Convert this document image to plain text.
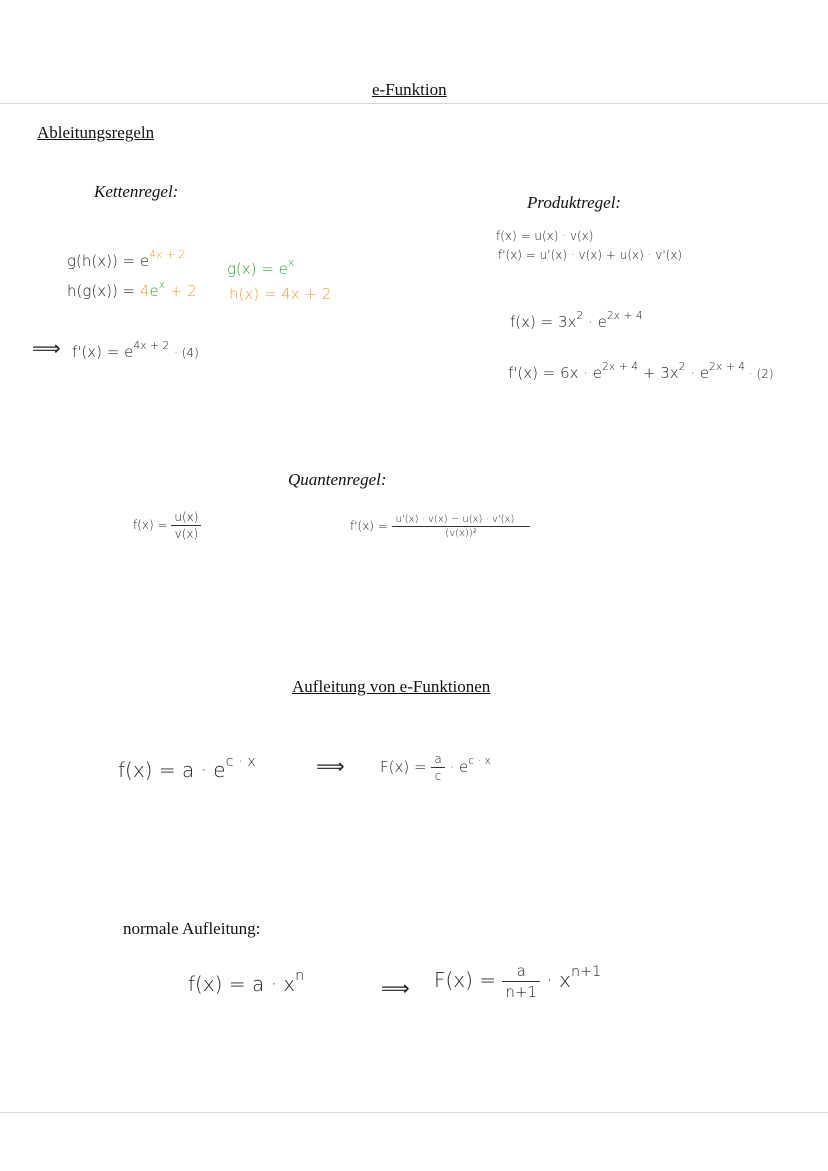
e-Funktion
Ableitungsregeln
Kettenregel:
$g(h(x)) = e^{4x + 2}$
$h(g(x)) = 4e^x + 2$
$g(x) = e^x$
h(x) = 4x + 2
⟹ $f'(x) = e^{4x + 2} \cdot (4)$
Produktregel:
f(x) = u(x) · v(x)
f'(x) = u'(x) · v(x) + u(x) · v'(x)
$f(x) = 3x^2 \cdot e^{2x + 4}$
$f'(x) = 6x \cdot e^{2x + 4} + 3x^2 \cdot e^{2x + 4} \cdot (2)$
Quantenregel:
$f(x) = \frac{u(x)}{v(x)}$	$f'(x) = \frac{u'(x) \cdot v(x) - u(x) \cdot v'(x)}{\text{(v(x))²}}$
Aufleitung von e-Funktionen
$f(x) = a \cdot e^{c \cdot x}$	⟹ $F(x) = \frac{a}{c} \cdot e^{c \cdot x}$
normale Aufleitung:
$f(x) = a \cdot x^n$	⟹ $F(x) = \frac{a}{n+1} \cdot x^{n+1}$
